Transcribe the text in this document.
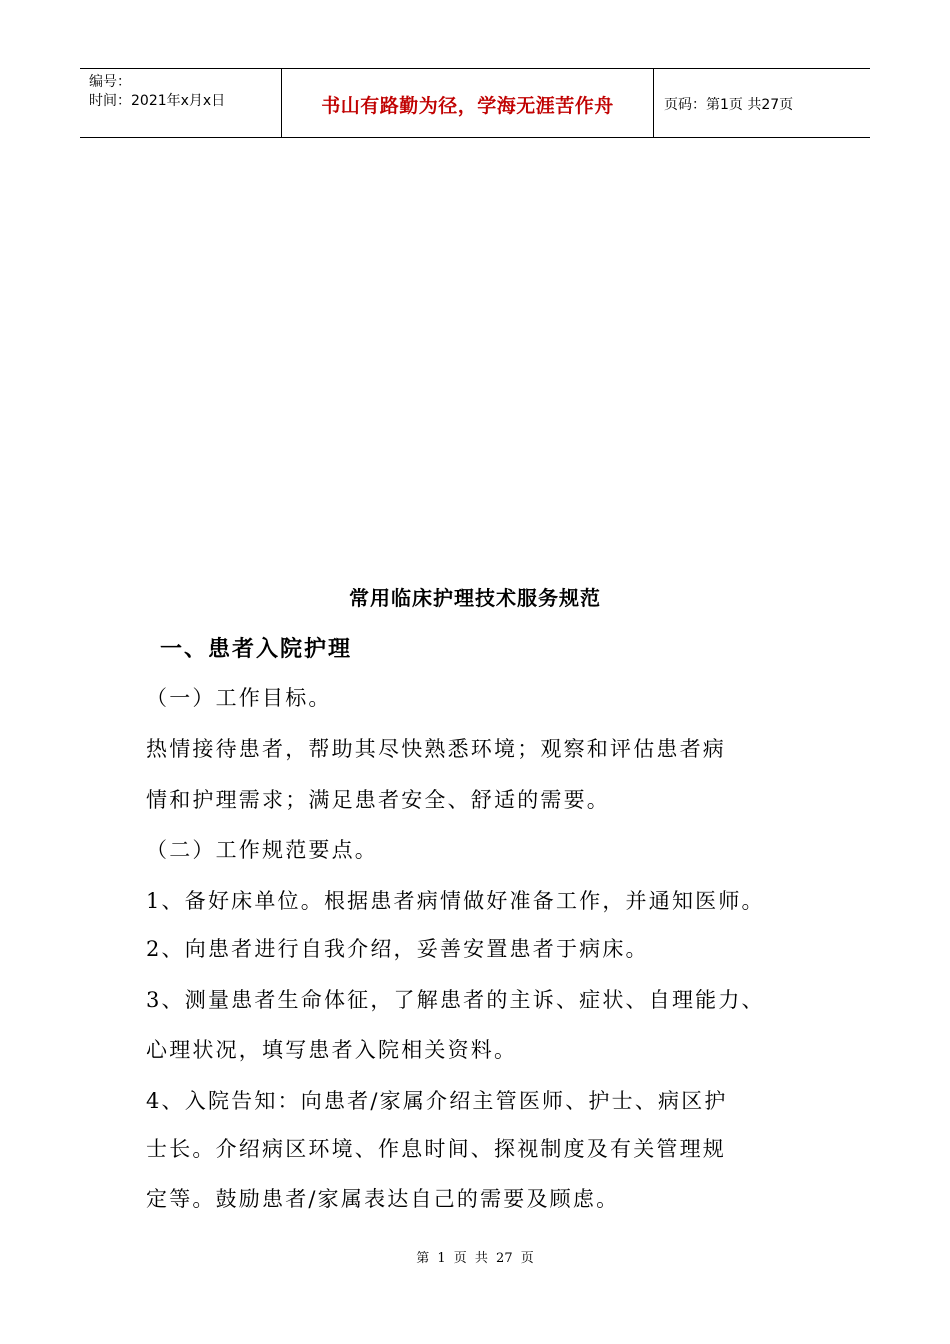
编号：
时间：2021年x月x日	书山有路勤为径，学海无涯苦作舟	页码：第1页 共27页
常用临床护理技术服务规范
一、患者入院护理
（一）工作目标。
热情接待患者，帮助其尽快熟悉环境；观察和评估患者病
情和护理需求；满足患者安全、舒适的需要。
（二）工作规范要点。
1、备好床单位。根据患者病情做好准备工作，并通知医师。
2、向患者进行自我介绍，妥善安置患者于病床。
3、测量患者生命体征，了解患者的主诉、症状、自理能力、
心理状况，填写患者入院相关资料。
4、入院告知：向患者/家属介绍主管医师、护士、病区护
士长。介绍病区环境、作息时间、探视制度及有关管理规
定等。鼓励患者/家属表达自己的需要及顾虑。
第 1 页 共 27 页
